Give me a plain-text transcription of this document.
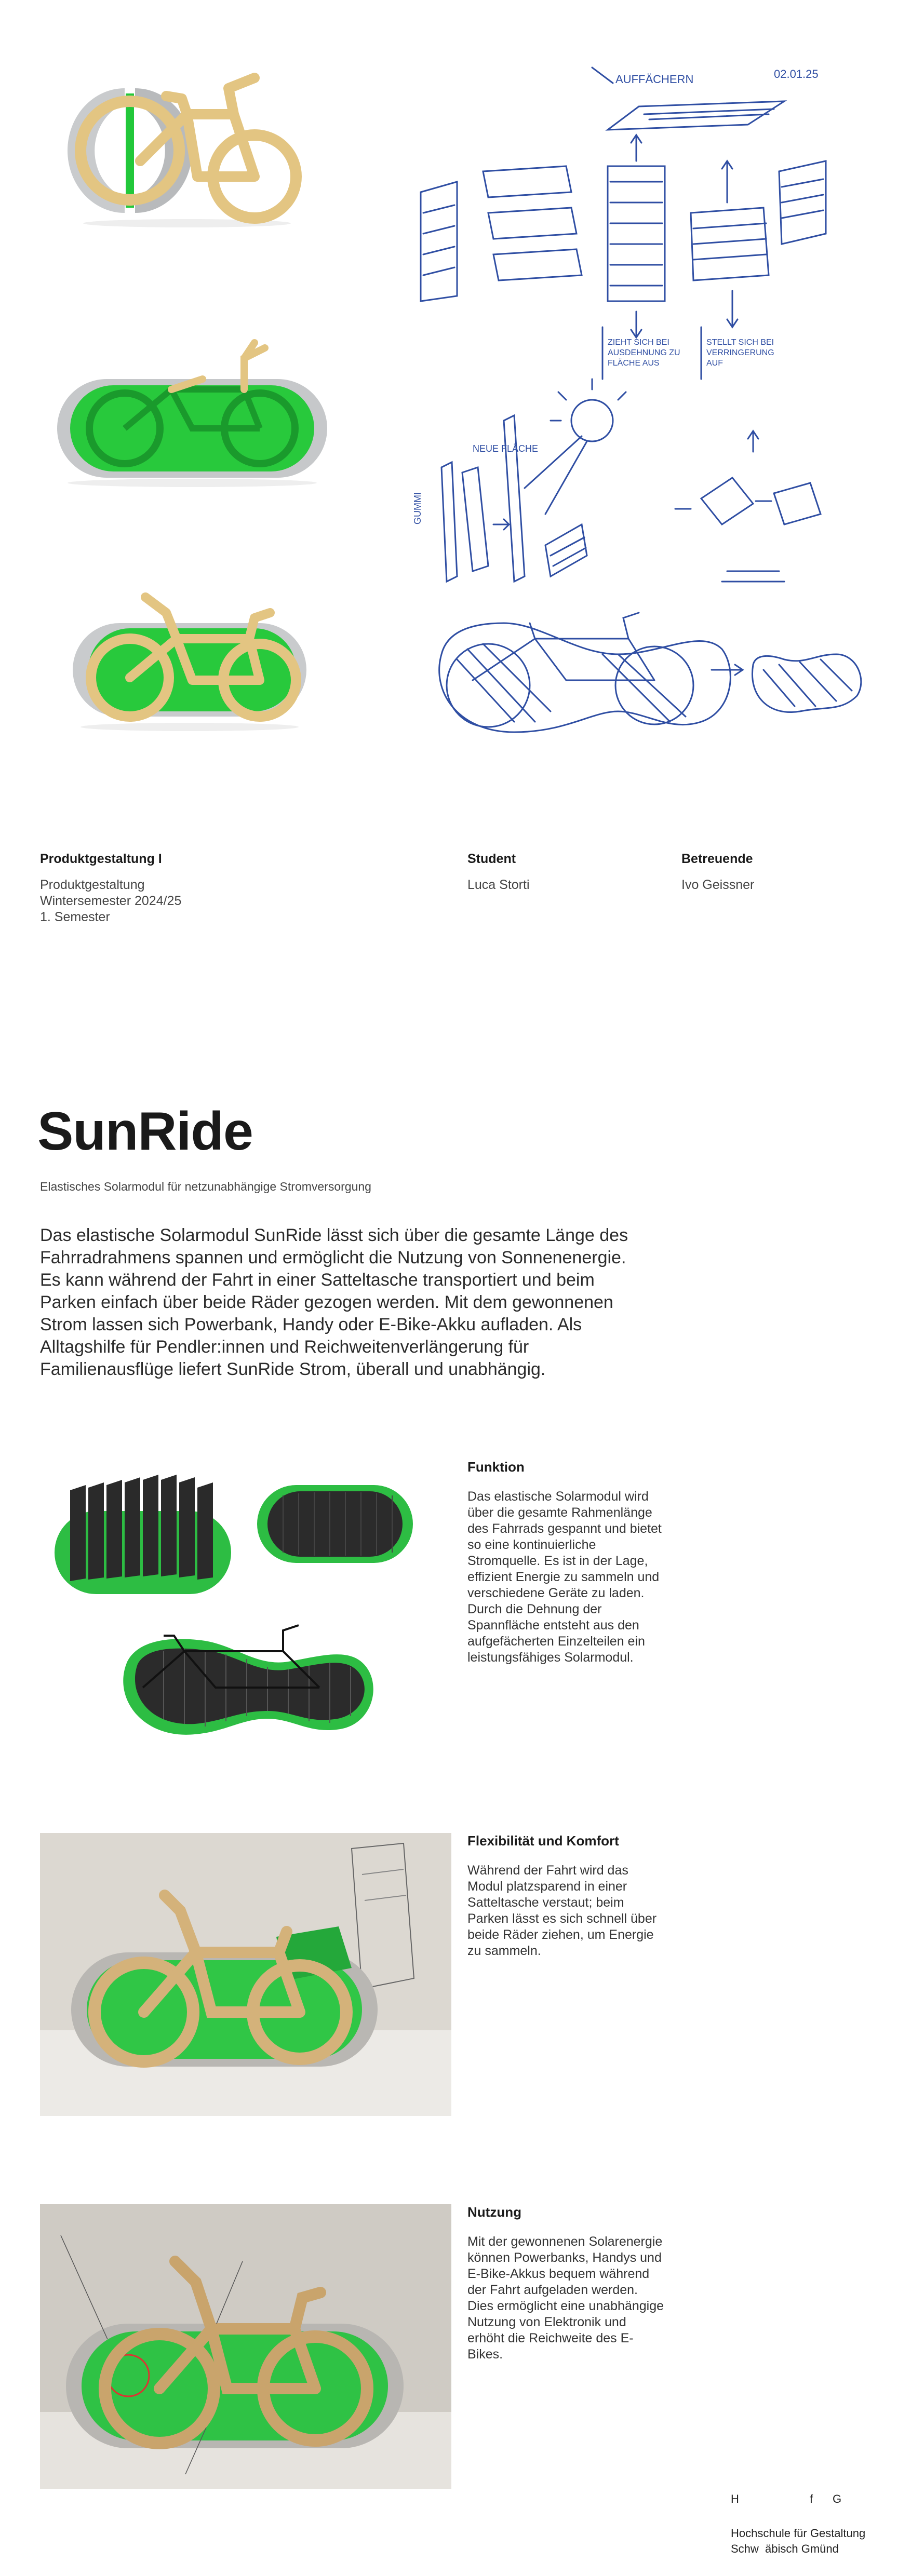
AUFFÄCHERN	02.01.25
NEUE FLÄCHE
GUMMI
ZIEHT SICH BEI AUSDEHNUNG ZU FLÄCHE AUS
STELLT SICH BEI VERRINGERUNG AUF
Produktgestaltung I
Produktgestaltung
Wintersemester 2024/25
1. Semester
Student
Luca Storti
Betreuende
Ivo Geissner
SunRide
Elastisches Solarmodul für netzunabhängige Stromversorgung
Das elastische Solarmodul SunRide lässt sich über die gesamte Länge des Fahrradrahmens spannen und ermöglicht die Nutzung von Sonnenenergie. Es kann während der Fahrt in einer Satteltasche transportiert und beim Parken einfach über beide Räder gezogen werden. Mit dem gewonnenen Strom lassen sich Powerbank, Handy oder E-Bike-Akku aufladen. Als Alltagshilfe für Pendler:innen und Reichweitenverlängerung für Familienausflüge liefert SunRide Strom, überall und unabhängig.
Funktion
Das elastische Solarmodul wird über die gesamte Rahmenlänge des Fahrrads gespannt und bietet so eine kontinuierliche Stromquelle. Es ist in der Lage, effizient Energie zu sammeln und verschiedene Geräte zu laden. Durch die Dehnung der Spannfläche entsteht aus den aufgefächerten Einzelteilen ein leistungsfähiges Solarmodul.
Flexibilität und Komfort
Während der Fahrt wird das Modul platzsparend in einer Satteltasche verstaut; beim Parken lässt es sich schnell über beide Räder ziehen, um Energie zu sammeln.
Nutzung
Mit der gewonnenen Solarenergie können Powerbanks, Handys und E-Bike-Akkus bequem während der Fahrt aufgeladen werden. Dies ermöglicht eine unabhängige Nutzung von Elektronik und erhöht die Reichweite des E-Bikes.
H	f G
Hochschule für Gestaltung
Schw  äbisch Gmünd
